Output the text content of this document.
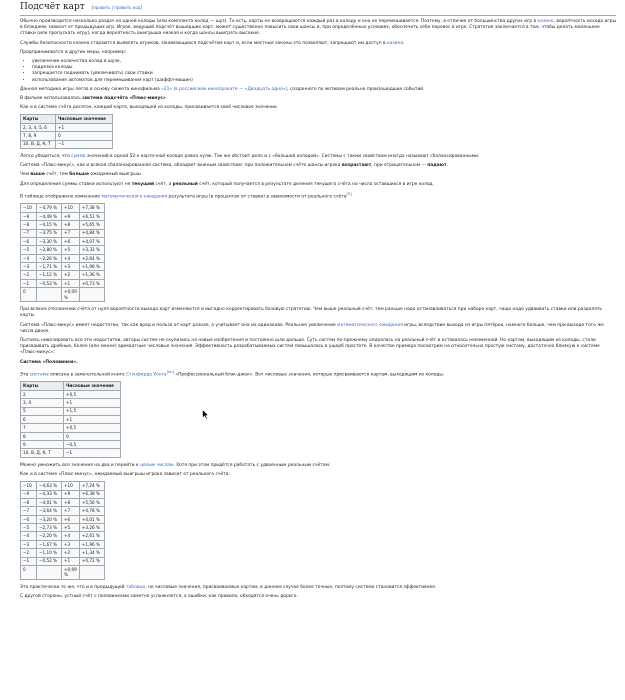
Подсчёт карт [править | править код]

Обычно производится несколько раздач из одной колоды (или комплекта колод — шуз). То есть, карты не возвращаются каждый раз в колоду и она не перемешивается. Поэтому, в отличие от большинства других игр в казино, вероятность исхода игры в блэкджек зависит от предыдущих игр. Игрок, ведущий подсчёт вышедших карт, может существенно повысить свои шансы и, при определённых условиях, обеспечить себе перевес в игре. Стратегия заключается в том, чтобы делать маленькие ставки (или пропускать игру), когда вероятность выигрыша низкая и когда шансы выиграть высокие.

Службы безопасности казино стараются выявлять игроков, занимающихся подсчётом карт и, если местные законы это позволяют, запрещают им доступ в казино.

Предпринимаются и другие меры, например:

• увеличение количества колод в шузе,
• подрезка колоды
• запрещается поднимать (увеличивать) свои ставки
• использование автоматов для перемешивания карт (шаффл-машин)

Данная методика игры легла в основу сюжета кинофильма «21» (в российском кинопрокате — «Двадцать одно»), созданного по мотивам реально произошедших событий.

В фильме использовалась система подсчёта «Плюс-минус».

Как и в системе счёта десяток, каждой карте, выходящей из колоды, присваивается своё числовое значение.

Карты	Числовые значения
2, 3, 4, 5, 6	+1
7, 8, 9	0
10, В, Д, К, Т	−1

Легко убедиться, что сумма значений в одной 52-х карточной колоде равна нулю. Так же обстоит дело и с «большой колодой». Системы с таким свойством иногда называют сбалансированными.

Система «Плюс-минус», как и всякая сбалансированная система, обладает важным свойством: при положительном счёте шансы игрока возрастают, при отрицательном — падают.

Чем выше счёт, тем больше ожидаемый выигрыш.

Для определения суммы ставки используют не текущий счёт, а реальный счёт, который получается в результате деления текущего счёта на число оставшихся в игре колод.

В таблице отображено изменение математического ожидания результата игры (в процентах от ставки) в зависимости от реального счёта[5]

−10	−4,79 %	+10	+7,38 %
−9	−4,49 %	+9	+6,51 %
−8	−4,15 %	+8	+5,65 %
−7	−3,75 %	+7	+4,84 %
−6	−3,30 %	+6	+4,07 %
−5	−2,80 %	+5	+3,32 %
−4	−2,26 %	+4	+2,64 %
−3	−1,71 %	+3	+1,96 %
−2	−1,12 %	+2	+1,36 %
−1	−0,53 %	+1	+0,73 %
0		+0,09 %	

При всяком отклонении счёта от нуля вероятности выхода карт изменяются и выгодно корректировать базовую стратегию. Чем выше реальный счёт, тем раньше надо останавливаться при наборе карт, чаще надо удваивать ставки или разделять карты.

Система «Плюс-минус» имеет недостатки, так как вред и польза от карт разная, а учитывает она их одинаково. Реальное увеличение математического ожидания игры, вследствие выхода из игры пятёрок, намного больше, чем при выходе того же числа двоек.

Пытаясь нивелировать все эти недостатки, авторы систем не скупились на новые изобретения и постоянно шли дальше. Суть систем по-прежнему опиралась на реальный счёт и оставалась неизменной. Но картам, выходящим из колоды, стали присваивать дробные, более (или менее) адекватные числовые значения. Эффективность разрабатываемых систем повышалась в ущерб простоте. В качестве примера посмотрим на относительно простую систему, достаточно близкую к системе «Плюс-минус»:

Система «Половинки».

Эта система описана в замечательной книге Стэнфорда Уонга[en] «Профессиональный блэк-джек». Вот числовые значения, которые присваиваются картам, выходящим из колоды.

Карты	Числовые значения
2	+0,5
3, 4	+1
5	+1,5
6	+1
7	+0,5
8	0
9	−0,5
10, В, Д, К, Т	−1

Можно умножить все значения на два и перейти к целым числам. Хотя при этом придётся работать с удвоенным реальным счётом.

Как и в системе «Плюс-минус», ожидаемый выигрыш игрока зависит от реального счёта:

−10	−4,63 %	+10	+7,24 %
−9	−4,33 %	+9	+6,38 %
−8	−4,01 %	+8	+5,56 %
−7	−3,64 %	+7	+4,78 %
−6	−3,20 %	+6	+4,01 %
−5	−2,73 %	+5	+3,26 %
−4	−2,20 %	+4	+2,61 %
−3	−1,67 %	+3	+1,96 %
−2	−1,10 %	+2	+1,34 %
−1	−0,52 %	+1	+0,72 %
0		+0,09 %	

Это практически то же, что и в предыдущей таблице, но числовые значения, присваиваемые картам, в данном случае более точные, поэтому система становится эффективнее.

С другой стороны, устный счёт с половинками заметно усложняется, а ошибки, как правило, обходятся очень дорого.
